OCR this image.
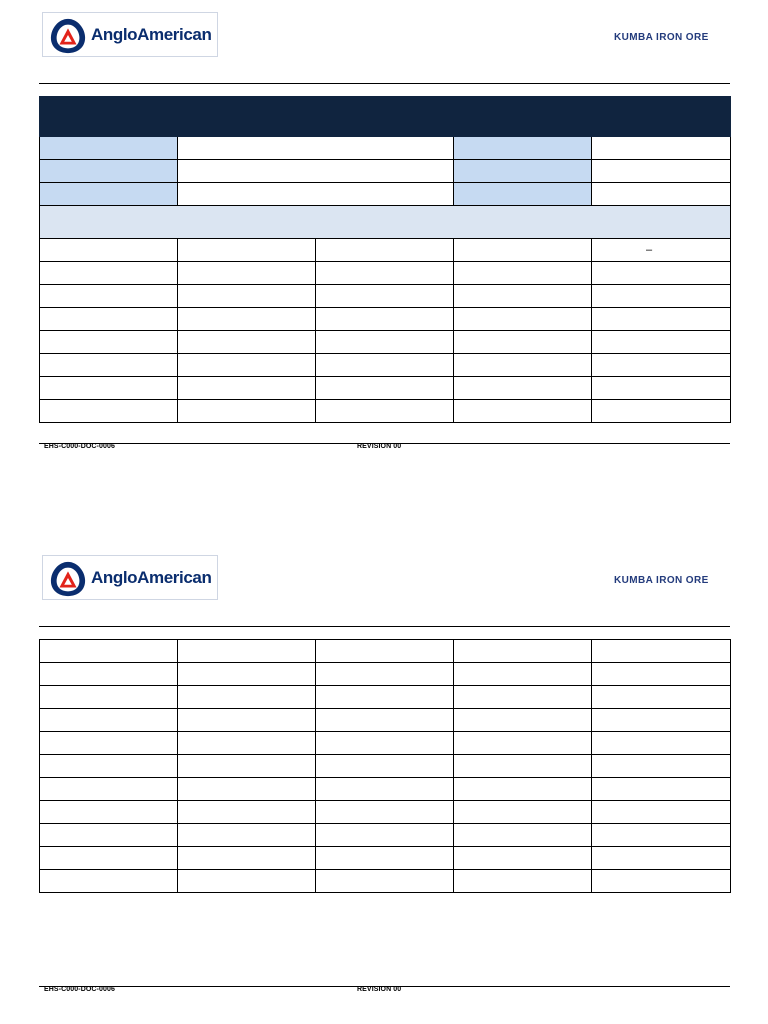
AngloAmerican	KUMBA IRON ORE

				–

EHS-C000-DOC-0006	REVISION 00
AngloAmerican	KUMBA IRON ORE

EHS-C000-DOC-0006	REVISION 00
